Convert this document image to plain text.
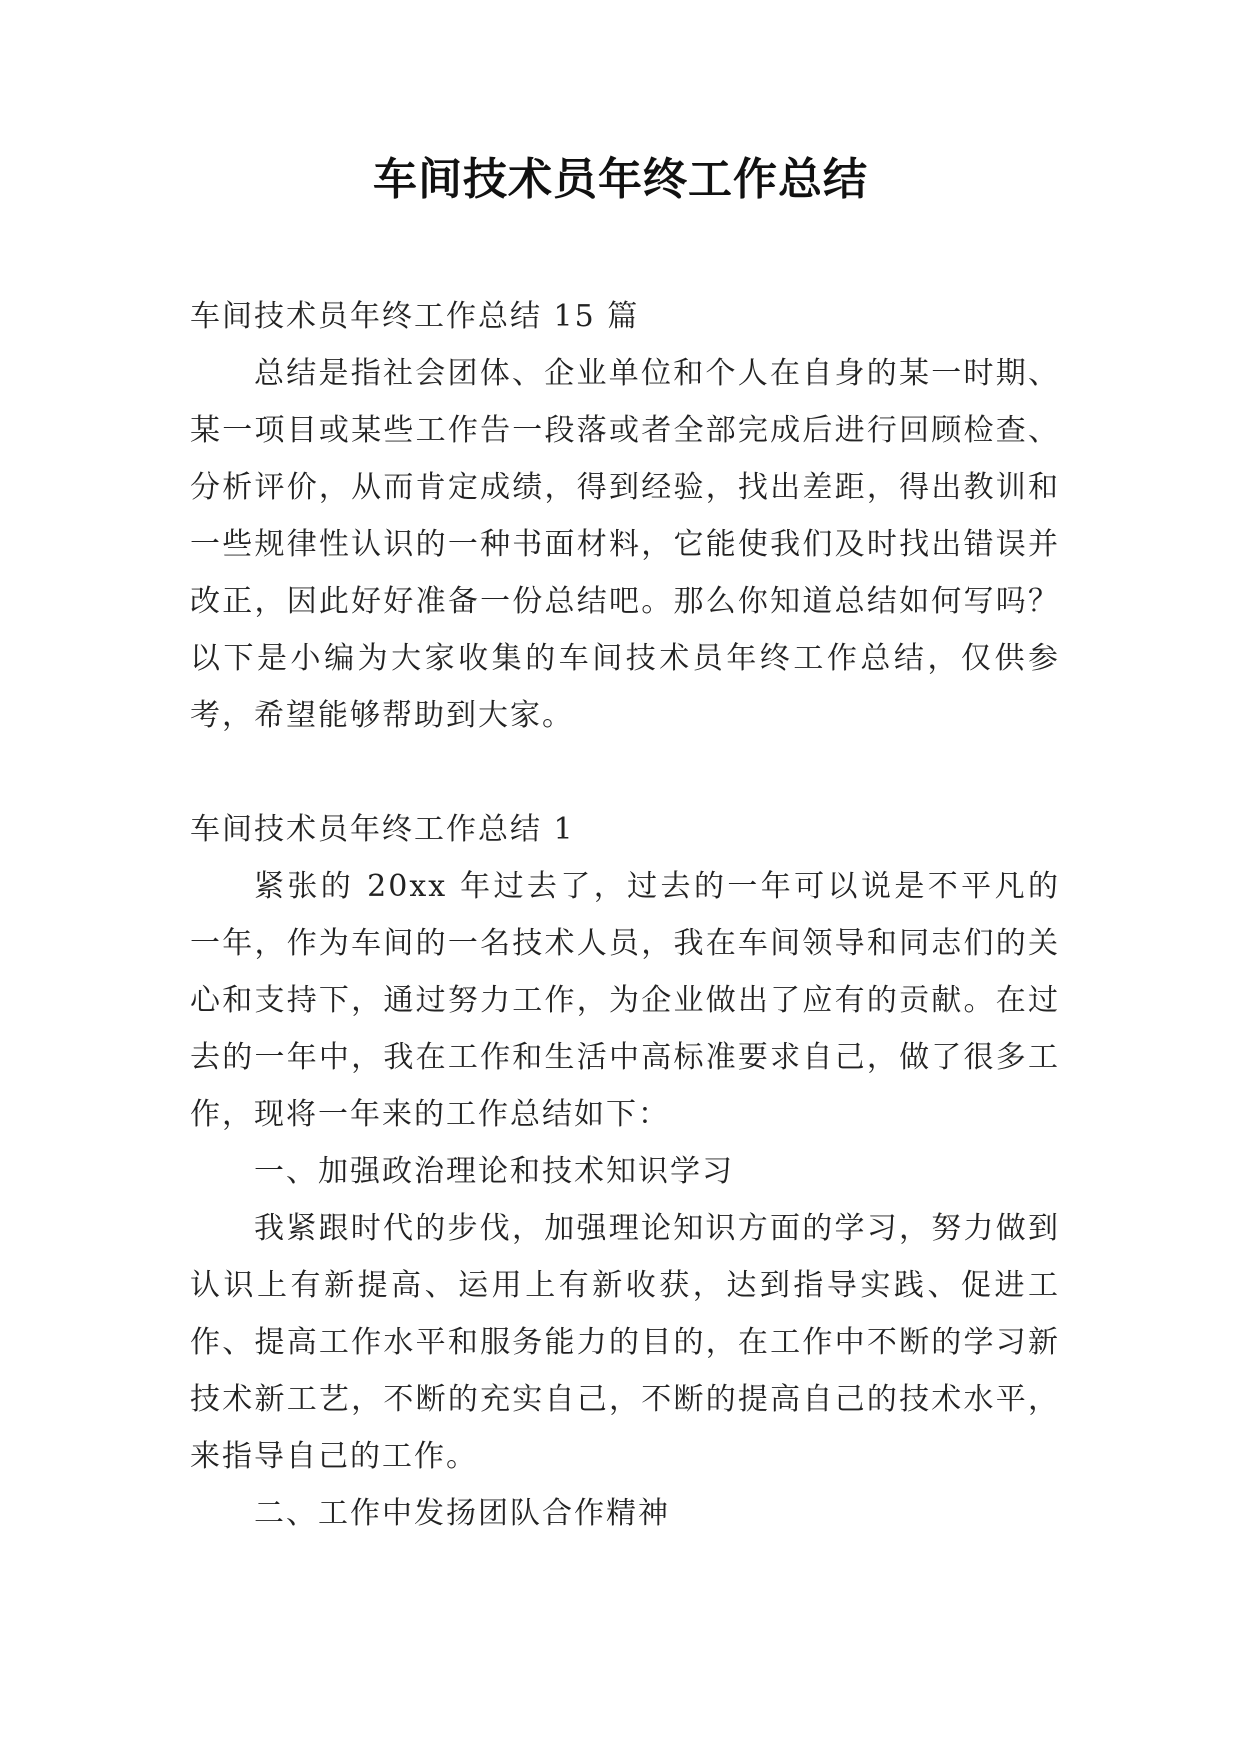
车间技术员年终工作总结

车间技术员年终工作总结 15 篇

总结是指社会团体、企业单位和个人在自身的某一时期、某一项目或某些工作告一段落或者全部完成后进行回顾检查、分析评价，从而肯定成绩，得到经验，找出差距，得出教训和一些规律性认识的一种书面材料，它能使我们及时找出错误并改正，因此好好准备一份总结吧。那么你知道总结如何写吗？以下是小编为大家收集的车间技术员年终工作总结，仅供参考，希望能够帮助到大家。

车间技术员年终工作总结 1

紧张的 20xx 年过去了，过去的一年可以说是不平凡的一年，作为车间的一名技术人员，我在车间领导和同志们的关心和支持下，通过努力工作，为企业做出了应有的贡献。在过去的一年中，我在工作和生活中高标准要求自己，做了很多工作，现将一年来的工作总结如下：

一、加强政治理论和技术知识学习

我紧跟时代的步伐，加强理论知识方面的学习，努力做到认识上有新提高、运用上有新收获，达到指导实践、促进工作、提高工作水平和服务能力的目的，在工作中不断的学习新技术新工艺，不断的充实自己，不断的提高自己的技术水平，来指导自己的工作。

二、工作中发扬团队合作精神
